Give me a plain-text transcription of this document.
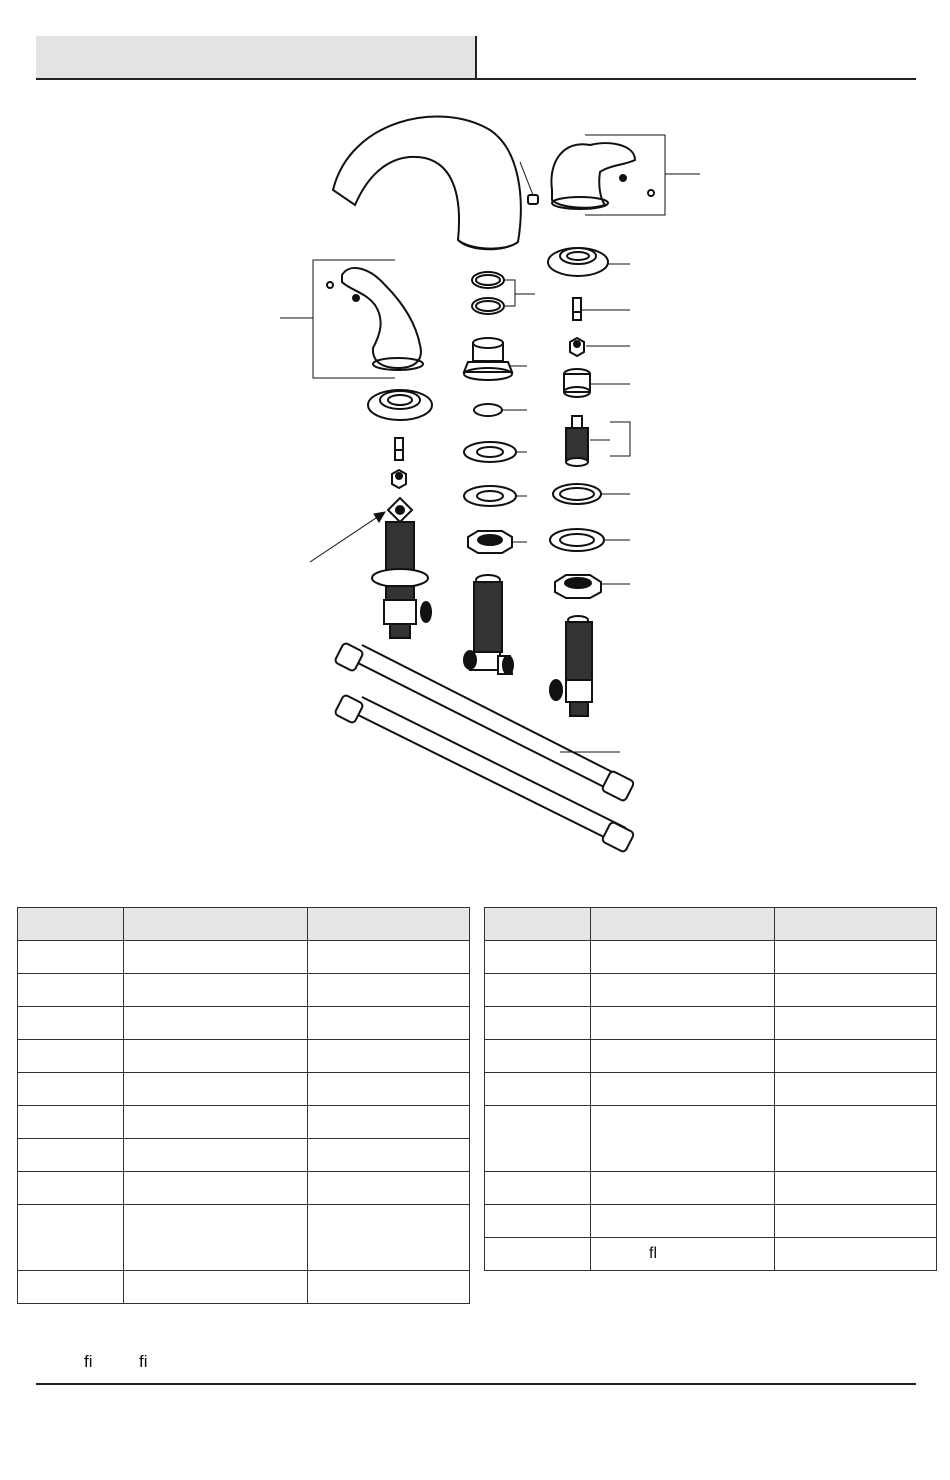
	fl	
fi	fi
